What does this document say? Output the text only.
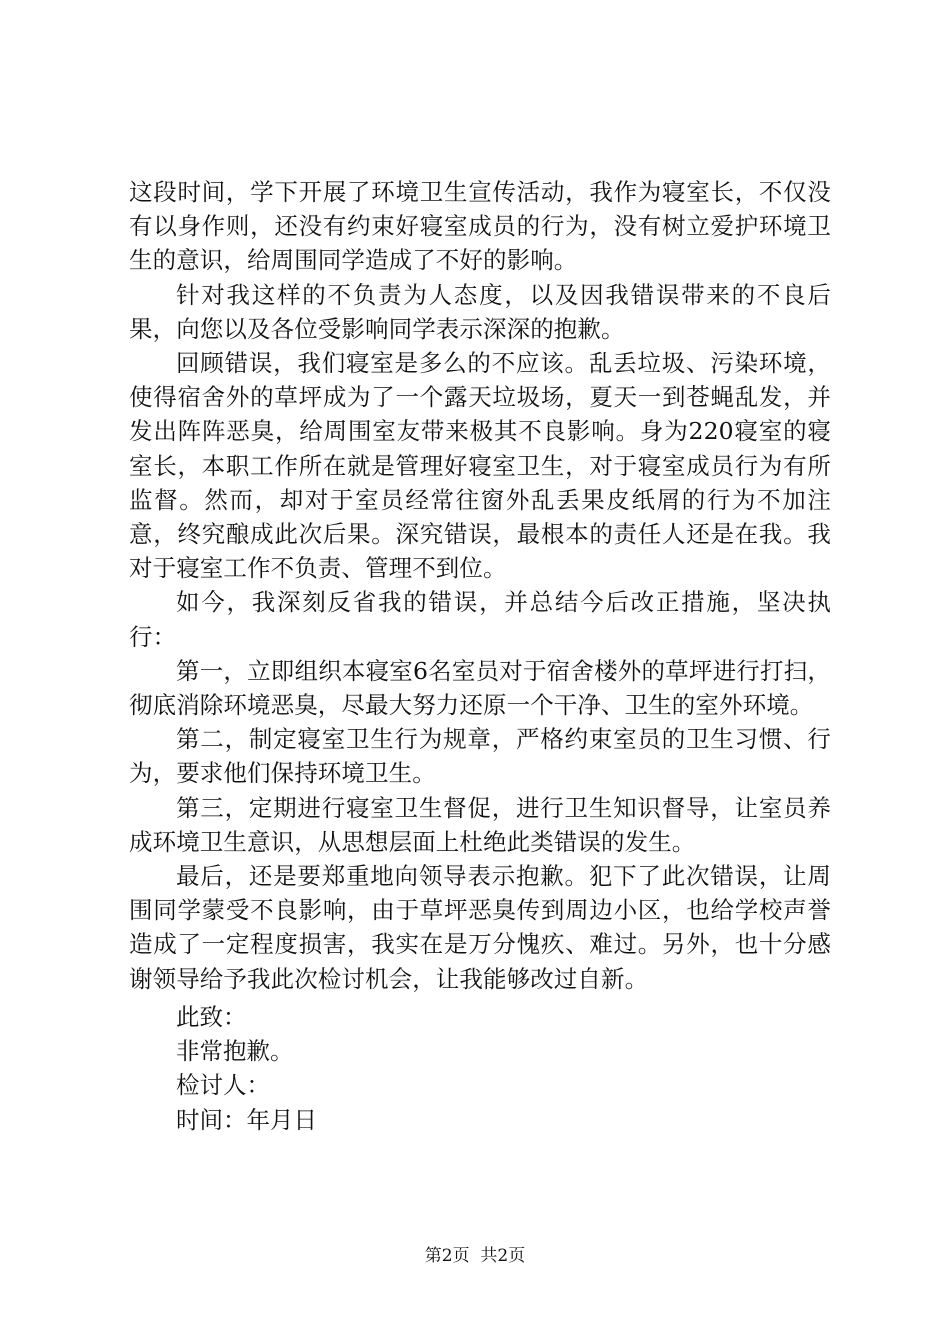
这段时间，学下开展了环境卫生宣传活动，我作为寝室长，不仅没有以身作则，还没有约束好寝室成员的行为，没有树立爱护环境卫生的意识，给周围同学造成了不好的影响。

针对我这样的不负责为人态度，以及因我错误带来的不良后果，向您以及各位受影响同学表示深深的抱歉。

回顾错误，我们寝室是多么的不应该。乱丢垃圾、污染环境，使得宿舍外的草坪成为了一个露天垃圾场，夏天一到苍蝇乱发，并发出阵阵恶臭，给周围室友带来极其不良影响。身为220寝室的寝室长，本职工作所在就是管理好寝室卫生，对于寝室成员行为有所监督。然而，却对于室员经常往窗外乱丢果皮纸屑的行为不加注意，终究酿成此次后果。深究错误，最根本的责任人还是在我。我对于寝室工作不负责、管理不到位。

如今，我深刻反省我的错误，并总结今后改正措施，坚决执行：

第一，立即组织本寝室6名室员对于宿舍楼外的草坪进行打扫，彻底消除环境恶臭，尽最大努力还原一个干净、卫生的室外环境。

第二，制定寝室卫生行为规章，严格约束室员的卫生习惯、行为，要求他们保持环境卫生。

第三，定期进行寝室卫生督促，进行卫生知识督导，让室员养成环境卫生意识，从思想层面上杜绝此类错误的发生。

最后，还是要郑重地向领导表示抱歉。犯下了此次错误，让周围同学蒙受不良影响，由于草坪恶臭传到周边小区，也给学校声誉造成了一定程度损害，我实在是万分愧疚、难过。另外，也十分感谢领导给予我此次检讨机会，让我能够改过自新。

此致：

非常抱歉。

检讨人：

时间：年月日

第2页  共2页
